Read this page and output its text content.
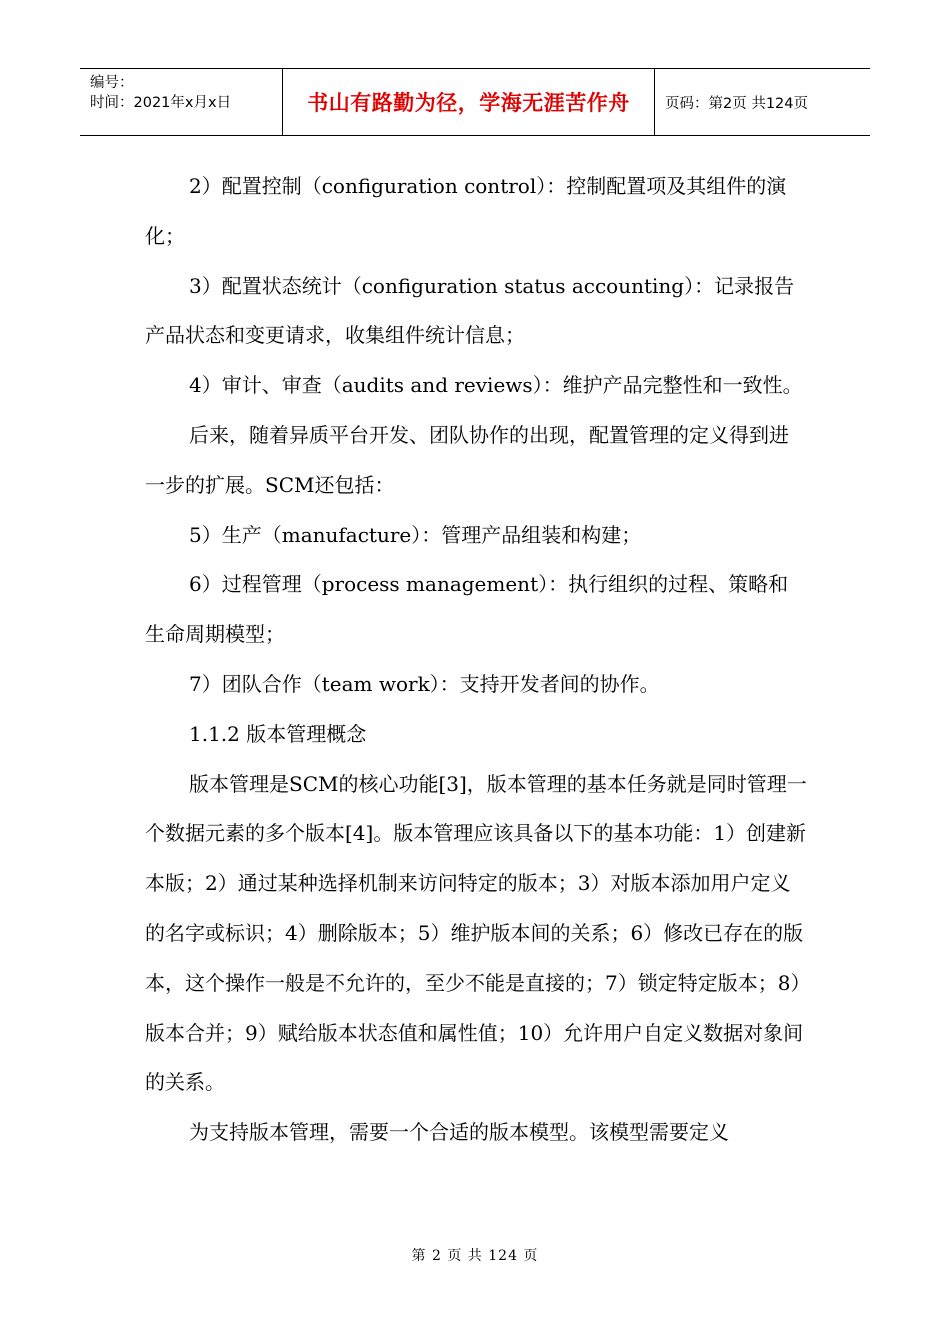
编号：
时间：2021年x月x日	书山有路勤为径，学海无涯苦作舟	页码：第2页 共124页

2）配置控制（configuration control）：控制配置项及其组件的演化；

3）配置状态统计（configuration status accounting）：记录报告产品状态和变更请求，收集组件统计信息；

4）审计、审查（audits and reviews）：维护产品完整性和一致性。

后来，随着异质平台开发、团队协作的出现，配置管理的定义得到进一步的扩展。SCM还包括：

5）生产（manufacture）：管理产品组装和构建；

6）过程管理（process management）：执行组织的过程、策略和生命周期模型；

7）团队合作（team work）：支持开发者间的协作。

1.1.2 版本管理概念

版本管理是SCM的核心功能[3]，版本管理的基本任务就是同时管理一个数据元素的多个版本[4]。版本管理应该具备以下的基本功能：1）创建新本版；2）通过某种选择机制来访问特定的版本；3）对版本添加用户定义的名字或标识；4）删除版本；5）维护版本间的关系；6）修改已存在的版本，这个操作一般是不允许的，至少不能是直接的；7）锁定特定版本；8）版本合并；9）赋给版本状态值和属性值；10）允许用户自定义数据对象间的关系。

为支持版本管理，需要一个合适的版本模型。该模型需要定义

第 2 页 共 124 页
